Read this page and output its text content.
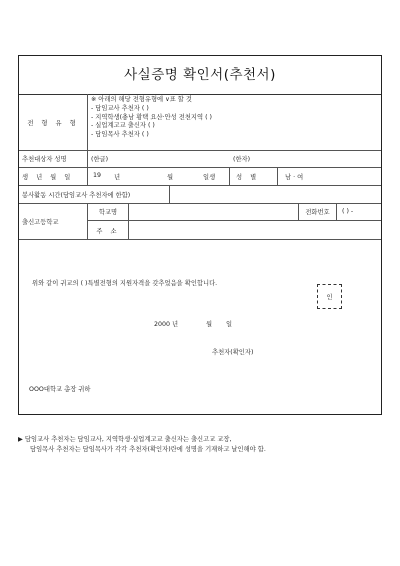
사실증명 확인서(추천서)
전 형 유 형
※ 아래의 해당 전형유형에 ∨표 할 것
- 담임교사 추천자 ( )
- 지역학생(충남 황택 요산·안성 전천지역 ( )
- 실업계고교 출신자 ( )
- 담임목사 추천자 ( )
추천대상자 성명	(한글)	(한자)
생 년 월 일	19 년	월	일생	성 별	남 · 여
봉사활동 시간(담임교사 추천자에 한함)
출신고등학교
학교명	전화번호	( ) -
주 소
위와 같이 귀교의 ( )특별전형의 지원자격을 갖추었음을 확인합니다.
2000 년	월 일
추천자(확인자)
인
OOO대학교 총장 귀하
▶ 담임교사 추천자는 담임교사, 지역학생·실업계고교 출신자는 출신고교 교장,
담임목사 추천자는 담임목사가 각각 추천자(확인자)란에 성명을 기재하고 날인해야 함.
